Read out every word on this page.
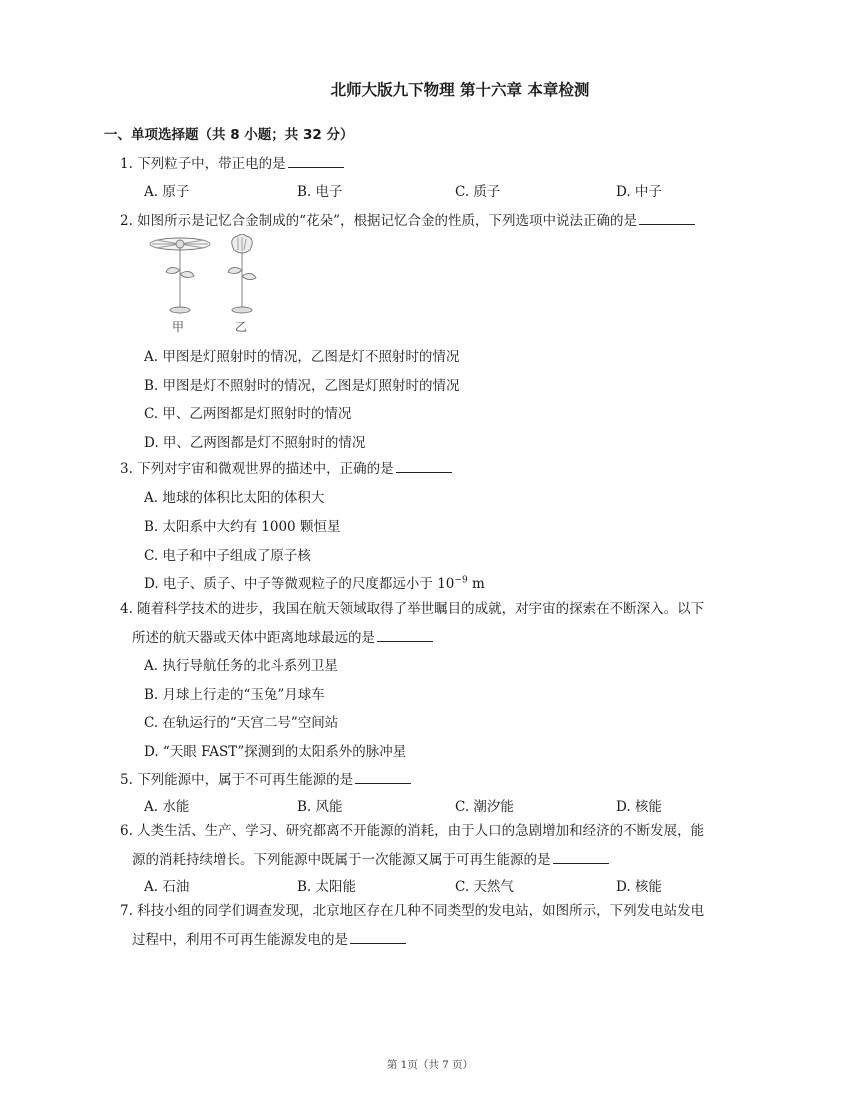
北师大版九下物理 第十六章 本章检测
一、单项选择题（共 8 小题；共 32 分）
1. 下列粒子中，带正电的是
A. 原子	B. 电子	C. 质子	D. 中子
2. 如图所示是记忆合金制成的“花朵”，根据记忆合金的性质，下列选项中说法正确的是
甲	乙
A. 甲图是灯照射时的情况，乙图是灯不照射时的情况
B. 甲图是灯不照射时的情况，乙图是灯照射时的情况
C. 甲、乙两图都是灯照射时的情况
D. 甲、乙两图都是灯不照射时的情况
3. 下列对宇宙和微观世界的描述中，正确的是
A. 地球的体积比太阳的体积大
B. 太阳系中大约有 1000 颗恒星
C. 电子和中子组成了原子核
D. 电子、质子、中子等微观粒子的尺度都远小于 $10^{-9}$ m
4. 随着科学技术的进步，我国在航天领域取得了举世瞩目的成就，对宇宙的探索在不断深入。以下
所述的航天器或天体中距离地球最远的是
A. 执行导航任务的北斗系列卫星
B. 月球上行走的“玉兔”月球车
C. 在轨运行的“天宫二号”空间站
D. “天眼 FAST”探测到的太阳系外的脉冲星
5. 下列能源中，属于不可再生能源的是
A. 水能	B. 风能	C. 潮汐能	D. 核能
6. 人类生活、生产、学习、研究都离不开能源的消耗，由于人口的急剧增加和经济的不断发展，能
源的消耗持续增长。下列能源中既属于一次能源又属于可再生能源的是
A. 石油	B. 太阳能	C. 天然气	D. 核能
7. 科技小组的同学们调查发现，北京地区存在几种不同类型的发电站，如图所示，下列发电站发电
过程中，利用不可再生能源发电的是
第 1页（共 7 页）
